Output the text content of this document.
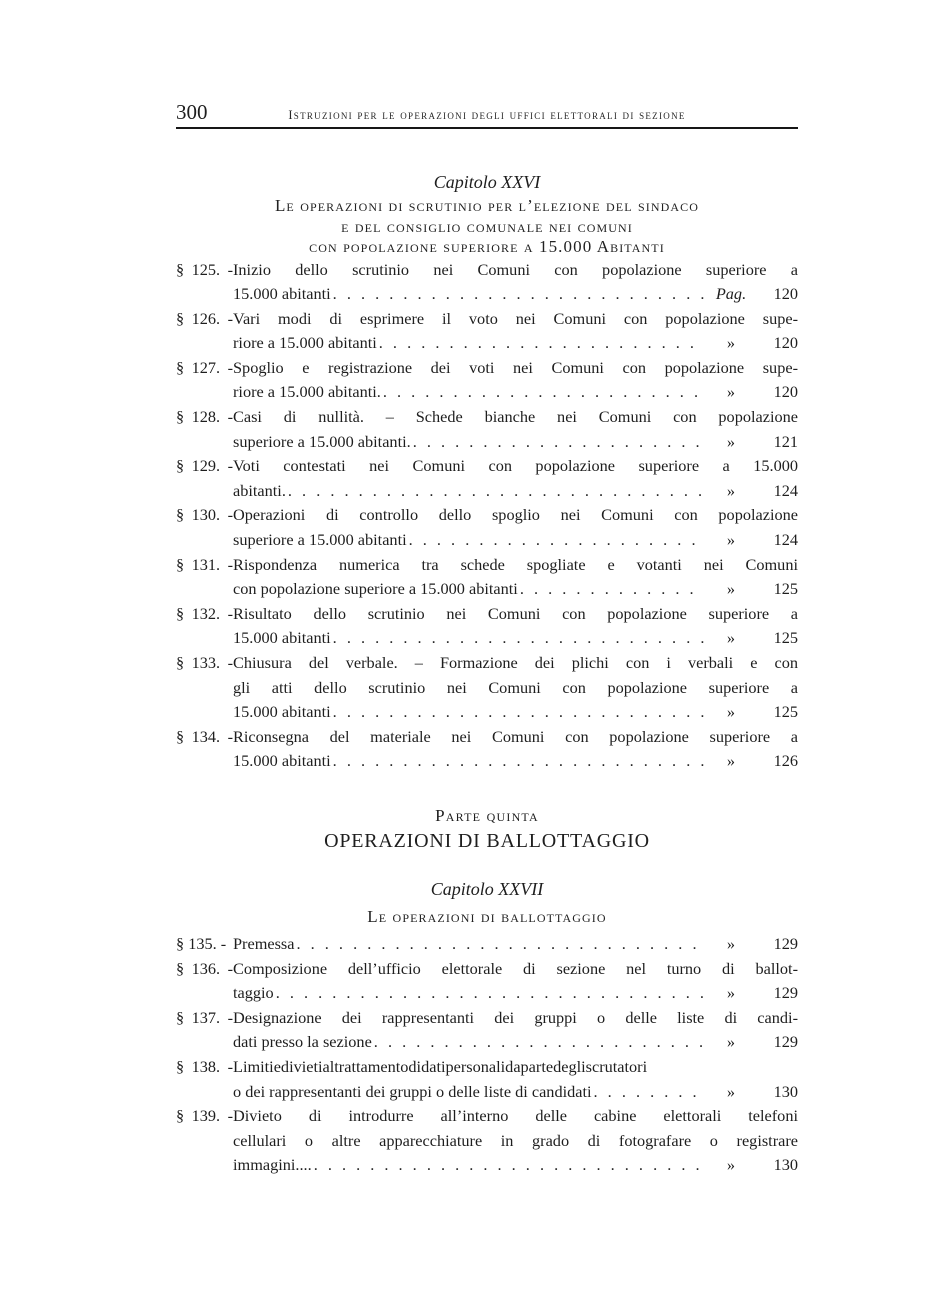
300	Istruzioni per le operazioni degli uffici elettorali di sezione
Capitolo XXVI
Le operazioni di scrutinio per l’elezione del sindaco
e del consiglio comunale nei comuni
con popolazione superiore a 15.000 Abitanti
§ 125. -Inizio dello scrutinio nei Comuni con popolazione superiore a
15.000 abitanti . . .	Pag.	120
§ 126. -Vari modi di esprimere il voto nei Comuni con popolazione supe-
riore a 15.000 abitanti . . .	»	120
§ 127. -Spoglio e registrazione dei voti nei Comuni con popolazione supe-
riore a 15.000 abitanti. . . .	»	120
§ 128. -Casi di nullità. – Schede bianche nei Comuni con popolazione
superiore a 15.000 abitanti. . . .	»	121
§ 129. -Voti contestati nei Comuni con popolazione superiore a 15.000
abitanti. . . .	»	124
§ 130. -Operazioni di controllo dello spoglio nei Comuni con popolazione
superiore a 15.000 abitanti . . .	»	124
§ 131. -Rispondenza numerica tra schede spogliate e votanti nei Comuni
con popolazione superiore a 15.000 abitanti . . .	»	125
§ 132. -Risultato dello scrutinio nei Comuni con popolazione superiore a
15.000 abitanti . . .	»	125
§ 133. -Chiusura del verbale. – Formazione dei plichi con i verbali e con
gli atti dello scrutinio nei Comuni con popolazione superiore a
15.000 abitanti . . .	»	125
§ 134. -Riconsegna del materiale nei Comuni con popolazione superiore a
15.000 abitanti . . .	»	126
Parte quinta
OPERAZIONI DI BALLOTTAGGIO
Capitolo XXVII
Le operazioni di ballottaggio
§ 135. - Premessa . . .	»	129
§ 136. -Composizione dell’ufficio elettorale di sezione nel turno di ballot-
taggio . . .	»	129
§ 137. -Designazione dei rappresentanti dei gruppi o delle liste di candi-
dati presso la sezione . . .	»	129
§ 138. -Limitiedivietialtrattamentodidatipersonalidapartedegliscrutatori
o dei rappresentanti dei gruppi o delle liste di candidati . . .	»	130
§ 139. -Divieto di introdurre all’interno delle cabine elettorali telefoni
cellulari o altre apparecchiature in grado di fotografare o registrare
immagini.... . . .	»	130
